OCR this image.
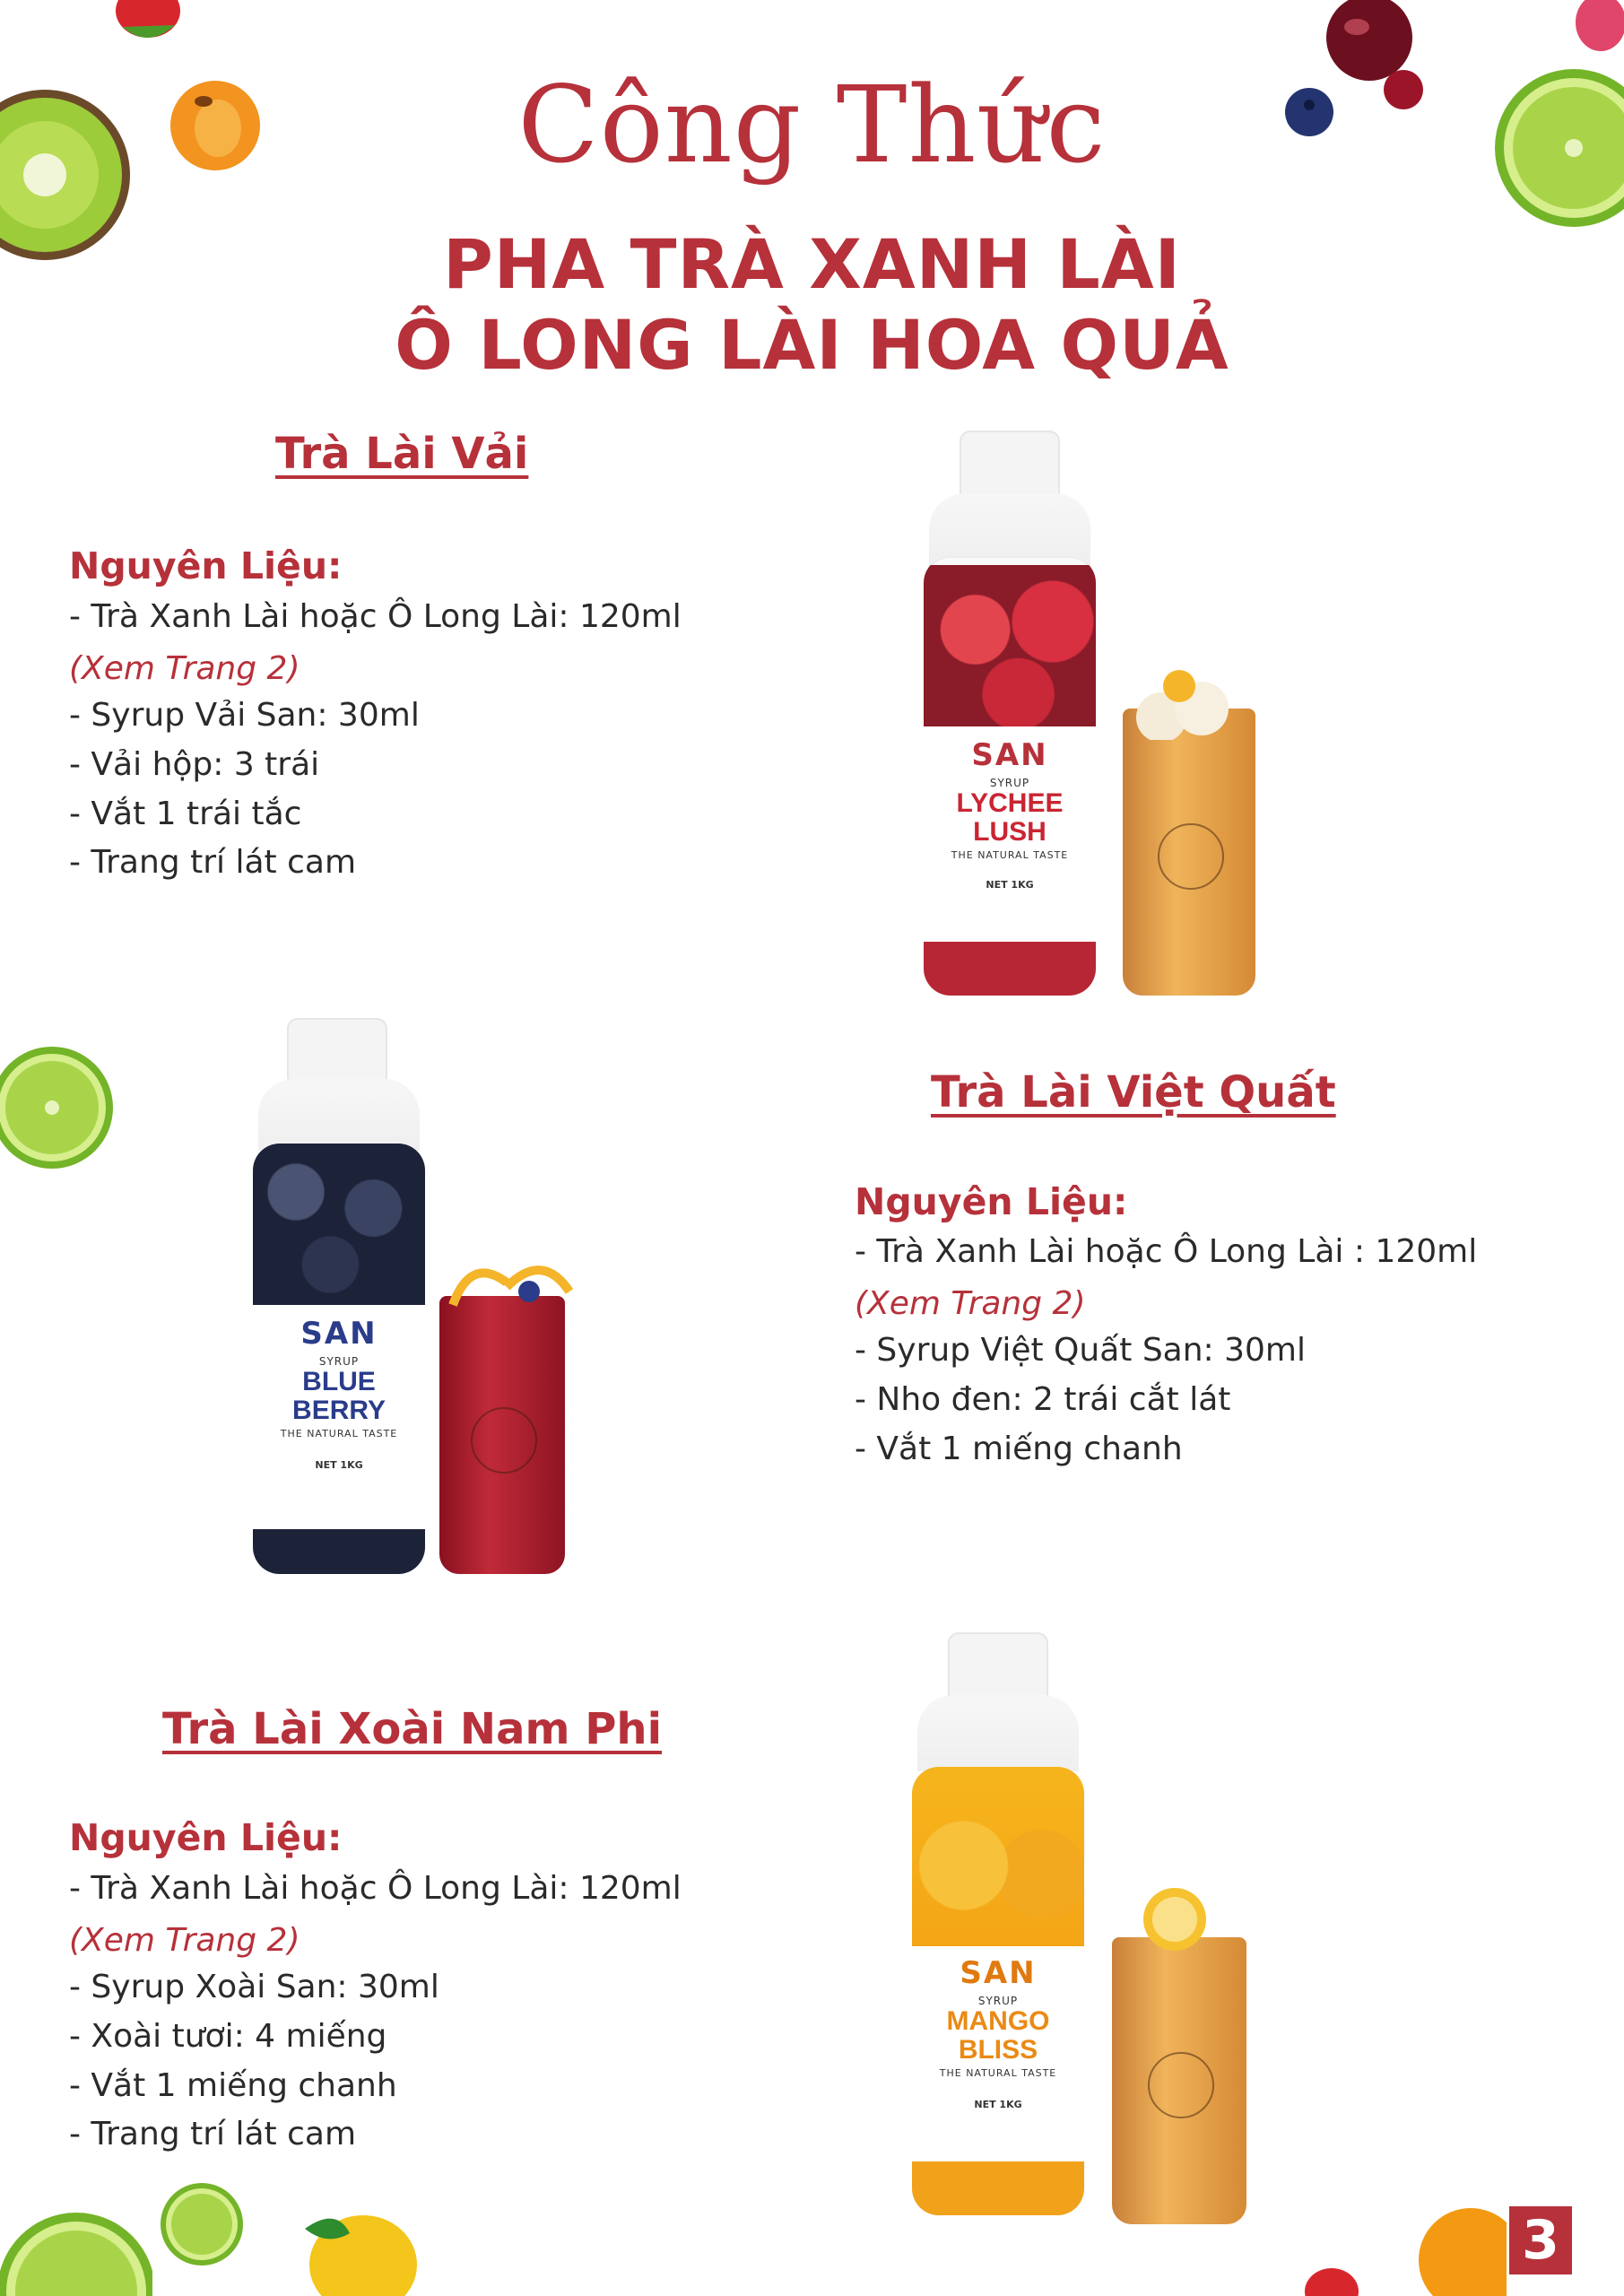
Công Thức
PHA TRÀ XANH LÀI
Ô LONG LÀI HOA QUẢ
Trà Lài Vải
Nguyên Liệu:
- Trà Xanh Lài hoặc Ô Long Lài: 120ml
(Xem Trang 2)
- Syrup Vải San: 30ml
- Vải hộp: 3 trái
- Vắt 1 trái tắc
- Trang trí lát cam
SAN
SYRUP
LYCHEE
LUSH
THE NATURAL TASTE
NET 1KG
Trà Lài Việt Quất
Nguyên Liệu:
- Trà Xanh Lài hoặc Ô Long Lài : 120ml
(Xem Trang 2)
- Syrup Việt Quất San: 30ml
- Nho đen: 2 trái cắt lát
- Vắt 1 miếng chanh
SAN
SYRUP
BLUE
BERRY
THE NATURAL TASTE
NET 1KG
Trà Lài Xoài Nam Phi
Nguyên Liệu:
- Trà Xanh Lài hoặc Ô Long Lài: 120ml
(Xem Trang 2)
- Syrup Xoài San: 30ml
- Xoài tươi: 4 miếng
- Vắt 1 miếng chanh
- Trang trí lát cam
SAN
SYRUP
MANGO
BLISS
THE NATURAL TASTE
NET 1KG
3
